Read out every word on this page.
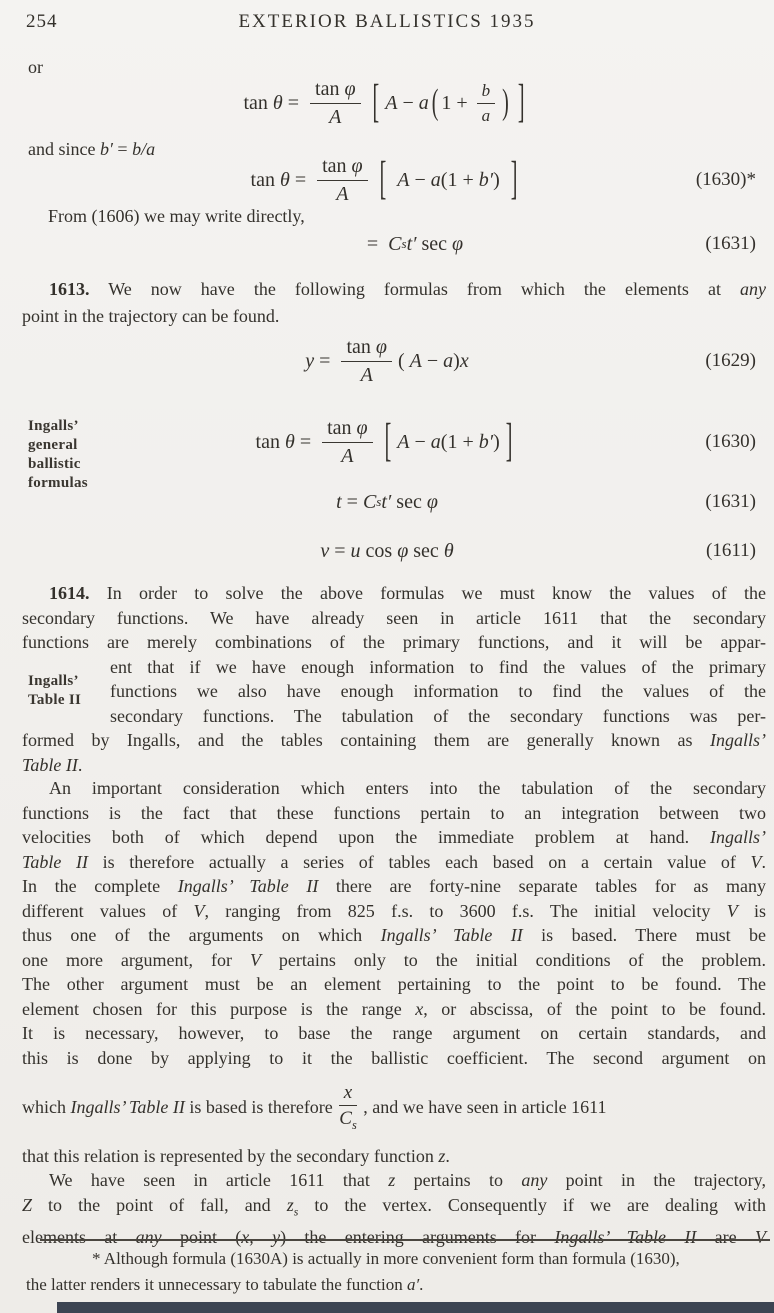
254	EXTERIOR BALLISTICS 1935
or
$\tan \theta = \frac{\text{tan φ}}{A}$ [ A − a ( $1 + \frac{b}{a}$ ) ]
and since b′ = b/a
$\tan \theta = \frac{\text{tan φ}}{A}$ [ A − a(1 + b′) ]	(1630)*
From (1606) we may write directly,
= C s t′ sec φ	(1631)
1613. We now have the following formulas from which the elements at any
point in the trajectory can be found.
$y = \frac{\text{tan φ}}{A}$ ( A − a)x	(1629)
Ingalls’
general
ballistic
formulas
$\tan \theta = \frac{\text{tan φ}}{A}$ [ A − a(1 + b′) ]	(1630)
t = C s t′ sec φ	(1631)
v = u cos φ sec θ	(1611)
Ingalls’
Table II
1614. In order to solve the above formulas we must know the values of the
secondary functions. We have already seen in article 1611 that the secondary
functions are merely combinations of the primary functions, and it will be appar-
ent that if we have enough information to find the values of the primary
functions we also have enough information to find the values of the
secondary functions. The tabulation of the secondary functions was per-
formed by Ingalls, and the tables containing them are generally known as Ingalls’
Table II.
An important consideration which enters into the tabulation of the secondary
functions is the fact that these functions pertain to an integration between two
velocities both of which depend upon the immediate problem at hand. Ingalls’
Table II is therefore actually a series of tables each based on a certain value of V.
In the complete Ingalls’ Table II there are forty-nine separate tables for as many
different values of V, ranging from 825 f.s. to 3600 f.s. The initial velocity V is
thus one of the arguments on which Ingalls’ Table II is based. There must be
one more argument, for V pertains only to the initial conditions of the problem.
The other argument must be an element pertaining to the point to be found. The
element chosen for this purpose is the range x, or abscissa, of the point to be found.
It is necessary, however, to base the range argument on certain standards, and
this is done by applying to it the ballistic coefficient. The second argument on
which Ingalls’ Table II is based is therefore $\frac{x}{C_s}$ , and we have seen in article 1611
that this relation is represented by the secondary function z.
We have seen in article 1611 that z pertains to any point in the trajectory,
Z to the point of fall, and $z_s$ to the vertex. Consequently if we are dealing with
elements at any point (x, y) the entering arguments for Ingalls’ Table II are V
* Although formula (1630A) is actually in more convenient form than formula (1630),
the latter renders it unnecessary to tabulate the function a′.
